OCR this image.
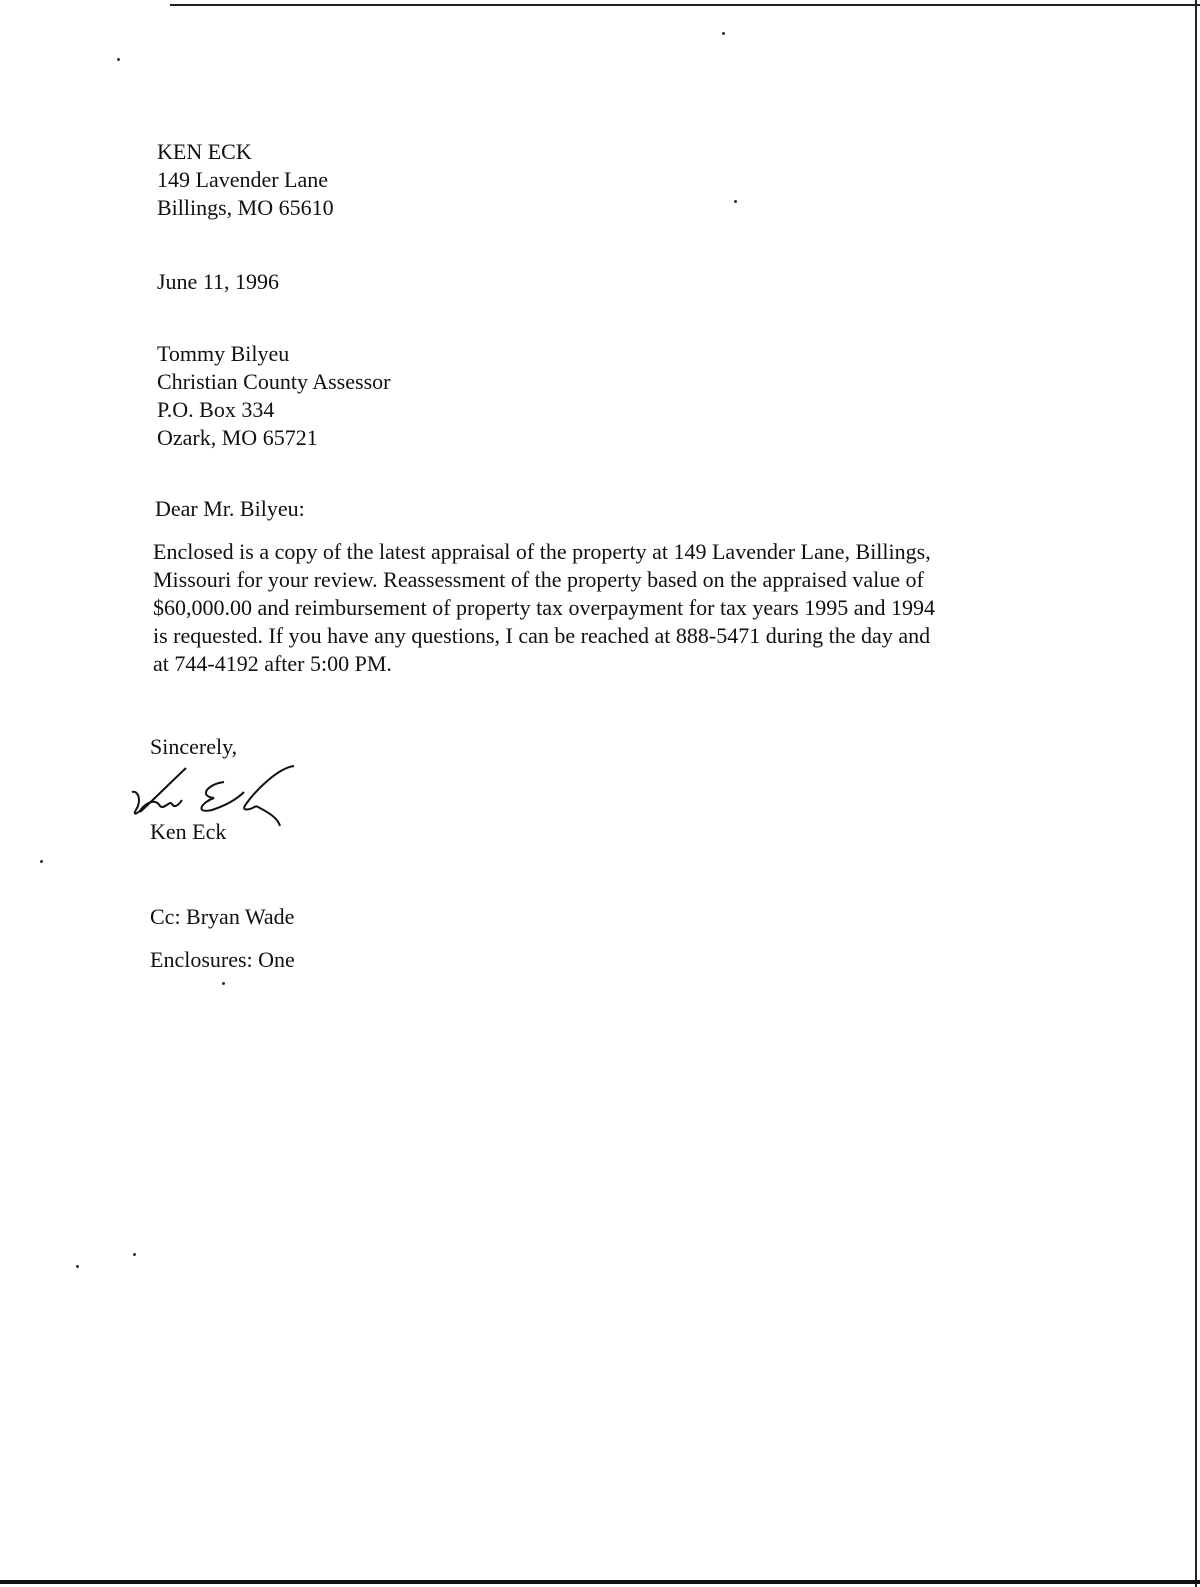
KEN ECK
149 Lavender Lane
Billings, MO 65610
June 11, 1996
Tommy Bilyeu
Christian County Assessor
P.O. Box 334
Ozark, MO 65721
Dear Mr. Bilyeu:
Enclosed is a copy of the latest appraisal of the property at 149 Lavender Lane, Billings,
Missouri for your review. Reassessment of the property based on the appraised value of
$60,000.00 and reimbursement of property tax overpayment for tax years 1995 and 1994
is requested. If you have any questions, I can be reached at 888-5471 during the day and
at 744-4192 after 5:00 PM.
Sincerely,
Ken Eck
Cc: Bryan Wade
Enclosures: One
